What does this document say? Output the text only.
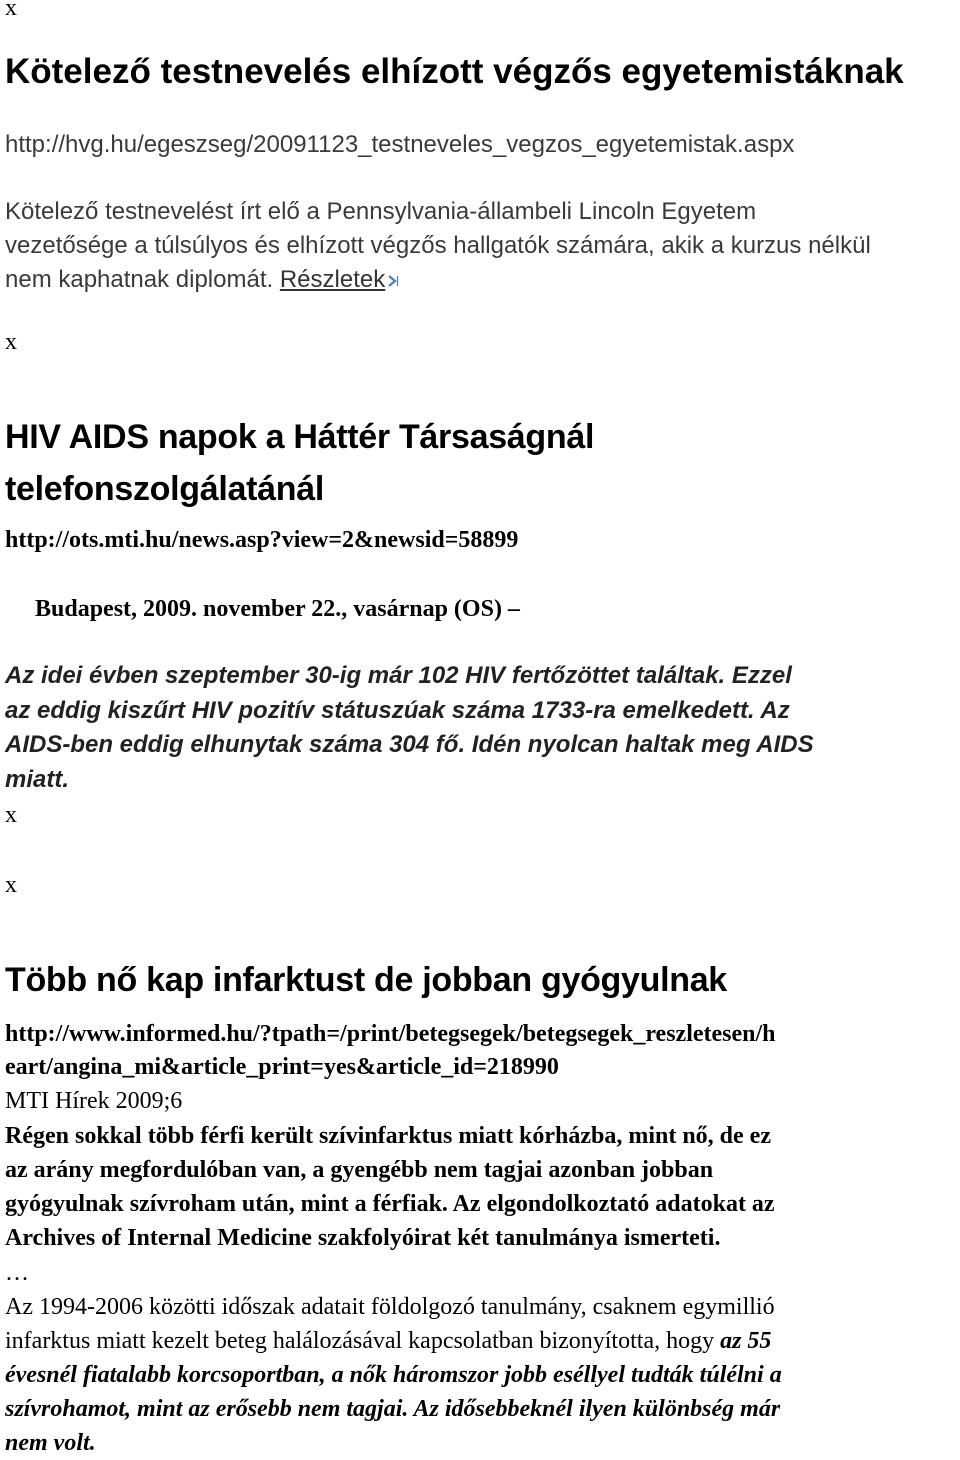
x
Kötelező testnevelés elhízott végzős egyetemistáknak
http://hvg.hu/egeszseg/20091123_testneveles_vegzos_egyetemistak.aspx
Kötelező testnevelést írt elő a Pennsylvania-állambeli Lincoln Egyetem
vezetősége a túlsúlyos és elhízott végzős hallgatók számára, akik a kurzus nélkül
nem kaphatnak diplomát. Részletek
x
HIV AIDS napok a Háttér Társaságnál
telefonszolgálatánál
http://ots.mti.hu/news.asp?view=2&newsid=58899
Budapest, 2009. november 22., vasárnap (OS) –
Az idei évben szeptember 30-ig már 102 HIV fertőzöttet találtak. Ezzel
az eddig kiszűrt HIV pozitív státuszúak száma 1733-ra emelkedett. Az
AIDS-ben eddig elhunytak száma 304 fő. Idén nyolcan haltak meg AIDS
miatt.
x
x
Több nő kap infarktust de jobban gyógyulnak
http://www.informed.hu/?tpath=/print/betegsegek/betegsegek_reszletesen/h
eart/angina_mi&article_print=yes&article_id=218990
MTI Hírek 2009;6
Régen sokkal több férfi került szívinfarktus miatt kórházba, mint nő, de ez
az arány megfordulóban van, a gyengébb nem tagjai azonban jobban
gyógyulnak szívroham után, mint a férfiak. Az elgondolkoztató adatokat az
Archives of Internal Medicine szakfolyóirat két tanulmánya ismerteti.
…
Az 1994-2006 közötti időszak adatait földolgozó tanulmány, csaknem egymillió
infarktus miatt kezelt beteg halálozásával kapcsolatban bizonyította, hogy az 55
évesnél fiatalabb korcsoportban, a nők háromszor jobb eséllyel tudták túlélni a
szívrohamot, mint az erősebb nem tagjai. Az idősebbeknél ilyen különbség már
nem volt.
